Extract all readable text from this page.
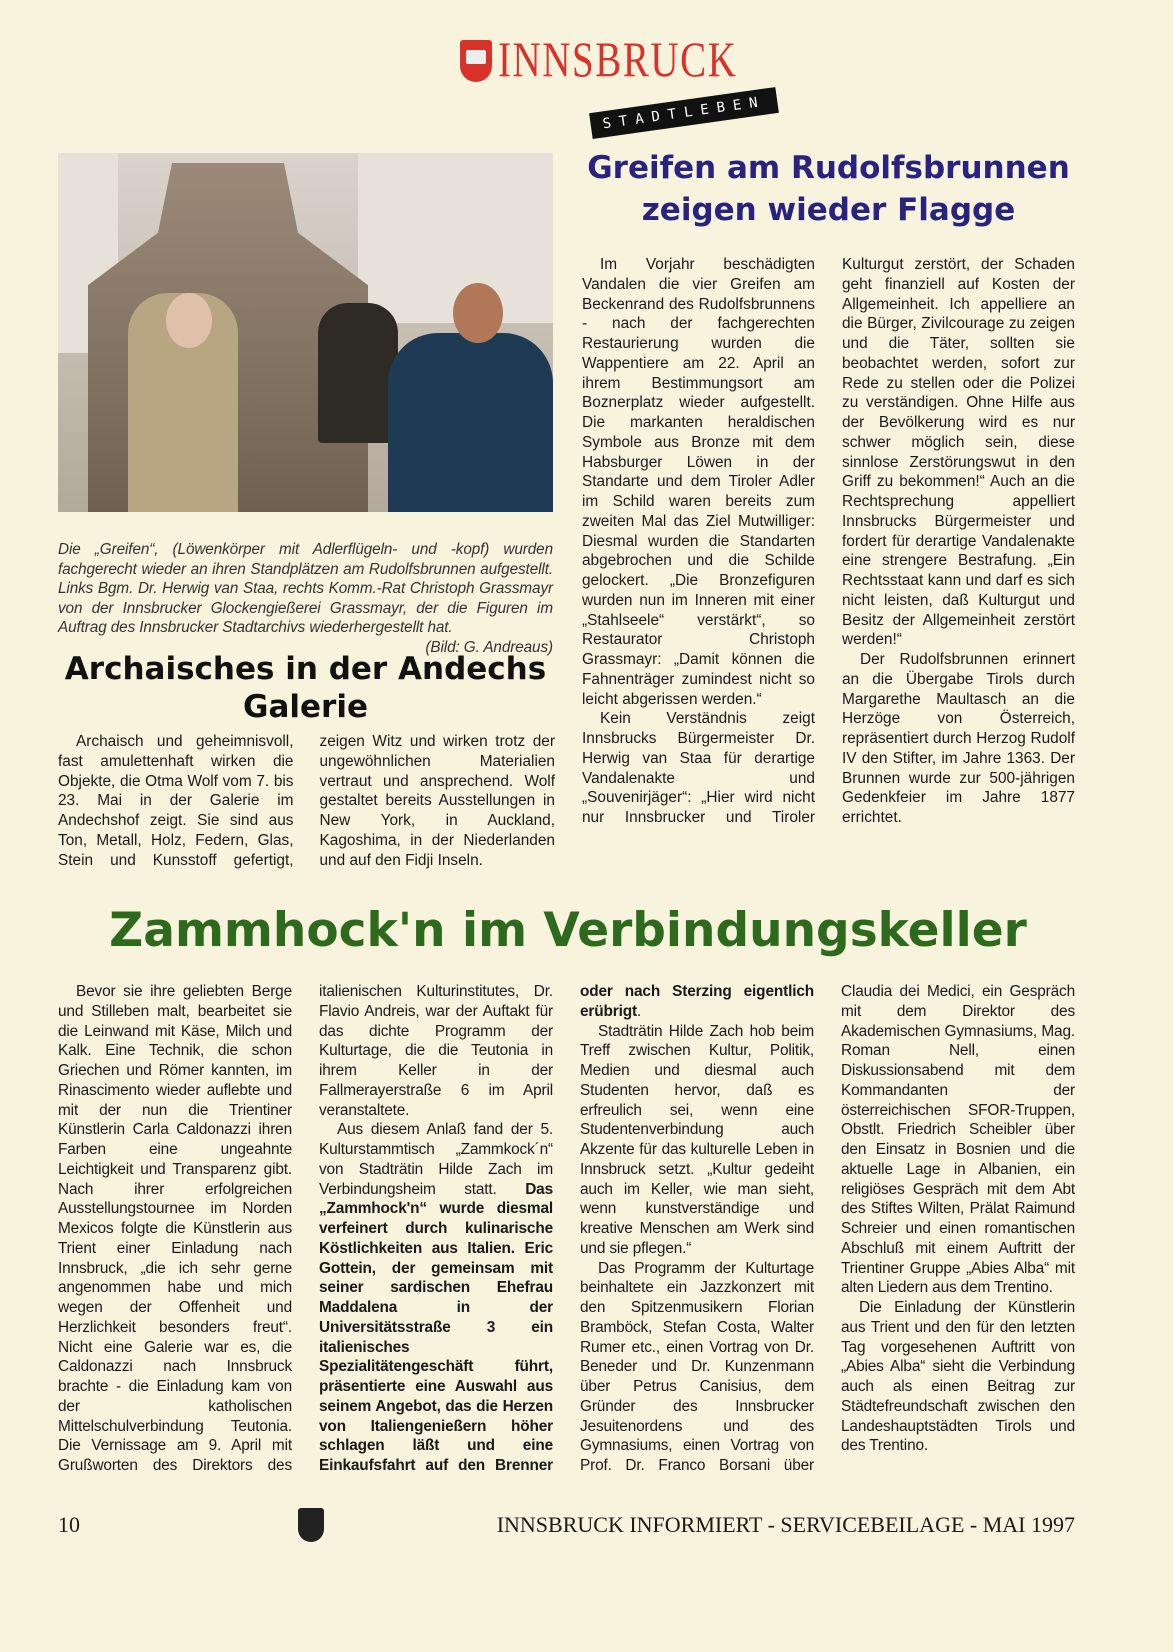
INNSBRUCK
STADTLEBEN
Die „Greifen“, (Löwenkörper mit Adlerflügeln- und -kopf) wurden fachgerecht wieder an ihren Standplätzen am Rudolfsbrunnen aufgestellt. Links Bgm. Dr. Herwig van Staa, rechts Komm.-Rat Christoph Grassmayr von der Innsbrucker Glockengießerei Grassmayr, der die Figuren im Auftrag des Innsbrucker Stadtarchivs wiederhergestellt hat.
(Bild: G. Andreaus)
Archaisches in der Andechs Galerie

Archaisch und geheimnisvoll, fast amulettenhaft wirken die Objekte, die Otma Wolf vom 7. bis 23. Mai in der Galerie im Andechshof zeigt. Sie sind aus Ton, Metall, Holz, Federn, Glas, Stein und Kunsstoff gefertigt, zeigen Witz und wirken trotz der ungewöhnlichen Materialien vertraut und ansprechend. Wolf gestaltet bereits Ausstellungen in New York, in Auckland, Kagoshima, in der Niederlanden und auf den Fidji Inseln.

Greifen am Rudolfsbrunnen zeigen wieder Flagge

Im Vorjahr beschädigten Vandalen die vier Greifen am Beckenrand des Rudolfsbrunnens - nach der fachgerechten Restaurierung wurden die Wappentiere am 22. April an ihrem Bestimmungsort am Boznerplatz wieder aufgestellt. Die markanten heraldischen Symbole aus Bronze mit dem Habsburger Löwen in der Standarte und dem Tiroler Adler im Schild waren bereits zum zweiten Mal das Ziel Mutwilliger: Diesmal wurden die Standarten abgebrochen und die Schilde gelockert. „Die Bronzefiguren wurden nun im Inneren mit einer „Stahlseele“ verstärkt“, so Restaurator Christoph Grassmayr: „Damit können die Fahnenträger zumindest nicht so leicht abgerissen werden.“

Kein Verständnis zeigt Innsbrucks Bürgermeister Dr. Herwig van Staa für derartige Vandalenakte und „Souvenirjäger“: „Hier wird nicht nur Innsbrucker und Tiroler Kulturgut zerstört, der Schaden geht finanziell auf Kosten der Allgemeinheit. Ich appelliere an die Bürger, Zivilcourage zu zeigen und die Täter, sollten sie beobachtet werden, sofort zur Rede zu stellen oder die Polizei zu verständigen. Ohne Hilfe aus der Bevölkerung wird es nur schwer möglich sein, diese sinnlose Zerstörungswut in den Griff zu bekommen!“ Auch an die Rechtsprechung appelliert Innsbrucks Bürgermeister und fordert für derartige Vandalenakte eine strengere Bestrafung. „Ein Rechtsstaat kann und darf es sich nicht leisten, daß Kulturgut und Besitz der Allgemeinheit zerstört werden!“

Der Rudolfsbrunnen erinnert an die Übergabe Tirols durch Margarethe Maultasch an die Herzöge von Österreich, repräsentiert durch Herzog Rudolf IV den Stifter, im Jahre 1363. Der Brunnen wurde zur 500-jährigen Gedenkfeier im Jahre 1877 errichtet.

Zammhock'n im Verbindungskeller

Bevor sie ihre geliebten Berge und Stilleben malt, bearbeitet sie die Leinwand mit Käse, Milch und Kalk. Eine Technik, die schon Griechen und Römer kannten, im Rinascimento wieder auflebte und mit der nun die Trientiner Künstlerin Carla Caldonazzi ihren Farben eine ungeahnte Leichtigkeit und Transparenz gibt. Nach ihrer erfolgreichen Ausstellungstournee im Norden Mexicos folgte die Künstlerin aus Trient einer Einladung nach Innsbruck, „die ich sehr gerne angenommen habe und mich wegen der Offenheit und Herzlichkeit besonders freut“. Nicht eine Galerie war es, die Caldonazzi nach Innsbruck brachte - die Einladung kam von der katholischen Mittelschulverbindung Teutonia. Die Vernissage am 9. April mit Grußworten des Direktors des italienischen Kulturinstitutes, Dr. Flavio Andreis, war der Auftakt für das dichte Programm der Kulturtage, die die Teutonia in ihrem Keller in der Fallmerayerstraße 6 im April veranstaltete.

Aus diesem Anlaß fand der 5. Kulturstammtisch „Zammkock´n“ von Stadträtin Hilde Zach im Verbindungsheim statt. Das „Zammhock'n“ wurde diesmal verfeinert durch kulinarische Köstlichkeiten aus Italien. Eric Gottein, der gemeinsam mit seiner sardischen Ehefrau Maddalena in der Universitätsstraße 3 ein italienisches Spezialitätengeschäft führt, präsentierte eine Auswahl aus seinem Angebot, das die Herzen von Italiengenießern höher schlagen läßt und eine Einkaufsfahrt auf den Brenner oder nach Sterzing eigentlich erübrigt.

Stadträtin Hilde Zach hob beim Treff zwischen Kultur, Politik, Medien und diesmal auch Studenten hervor, daß es erfreulich sei, wenn eine Studentenverbindung auch Akzente für das kulturelle Leben in Innsbruck setzt. „Kultur gedeiht auch im Keller, wie man sieht, wenn kunstverständige und kreative Menschen am Werk sind und sie pflegen.“

Das Programm der Kulturtage beinhaltete ein Jazzkonzert mit den Spitzenmusikern Florian Bramböck, Stefan Costa, Walter Rumer etc., einen Vortrag von Dr. Beneder und Dr. Kunzenmann über Petrus Canisius, dem Gründer des Innsbrucker Jesuitenordens und des Gymnasiums, einen Vortrag von Prof. Dr. Franco Borsani über Claudia dei Medici, ein Gespräch mit dem Direktor des Akademischen Gymnasiums, Mag. Roman Nell, einen Diskussionsabend mit dem Kommandanten der österreichischen SFOR-Truppen, Obstlt. Friedrich Scheibler über den Einsatz in Bosnien und die aktuelle Lage in Albanien, ein religiöses Gespräch mit dem Abt des Stiftes Wilten, Prälat Raimund Schreier und einen romantischen Abschluß mit einem Auftritt der Trientiner Gruppe „Abies Alba“ mit alten Liedern aus dem Trentino.

Die Einladung der Künstlerin aus Trient und den für den letzten Tag vorgesehenen Auftritt von „Abies Alba“ sieht die Verbindung auch als einen Beitrag zur Städtefreundschaft zwischen den Landeshauptstädten Tirols und des Trentino.

10	INNSBRUCK INFORMIERT - SERVICEBEILAGE - MAI 1997
